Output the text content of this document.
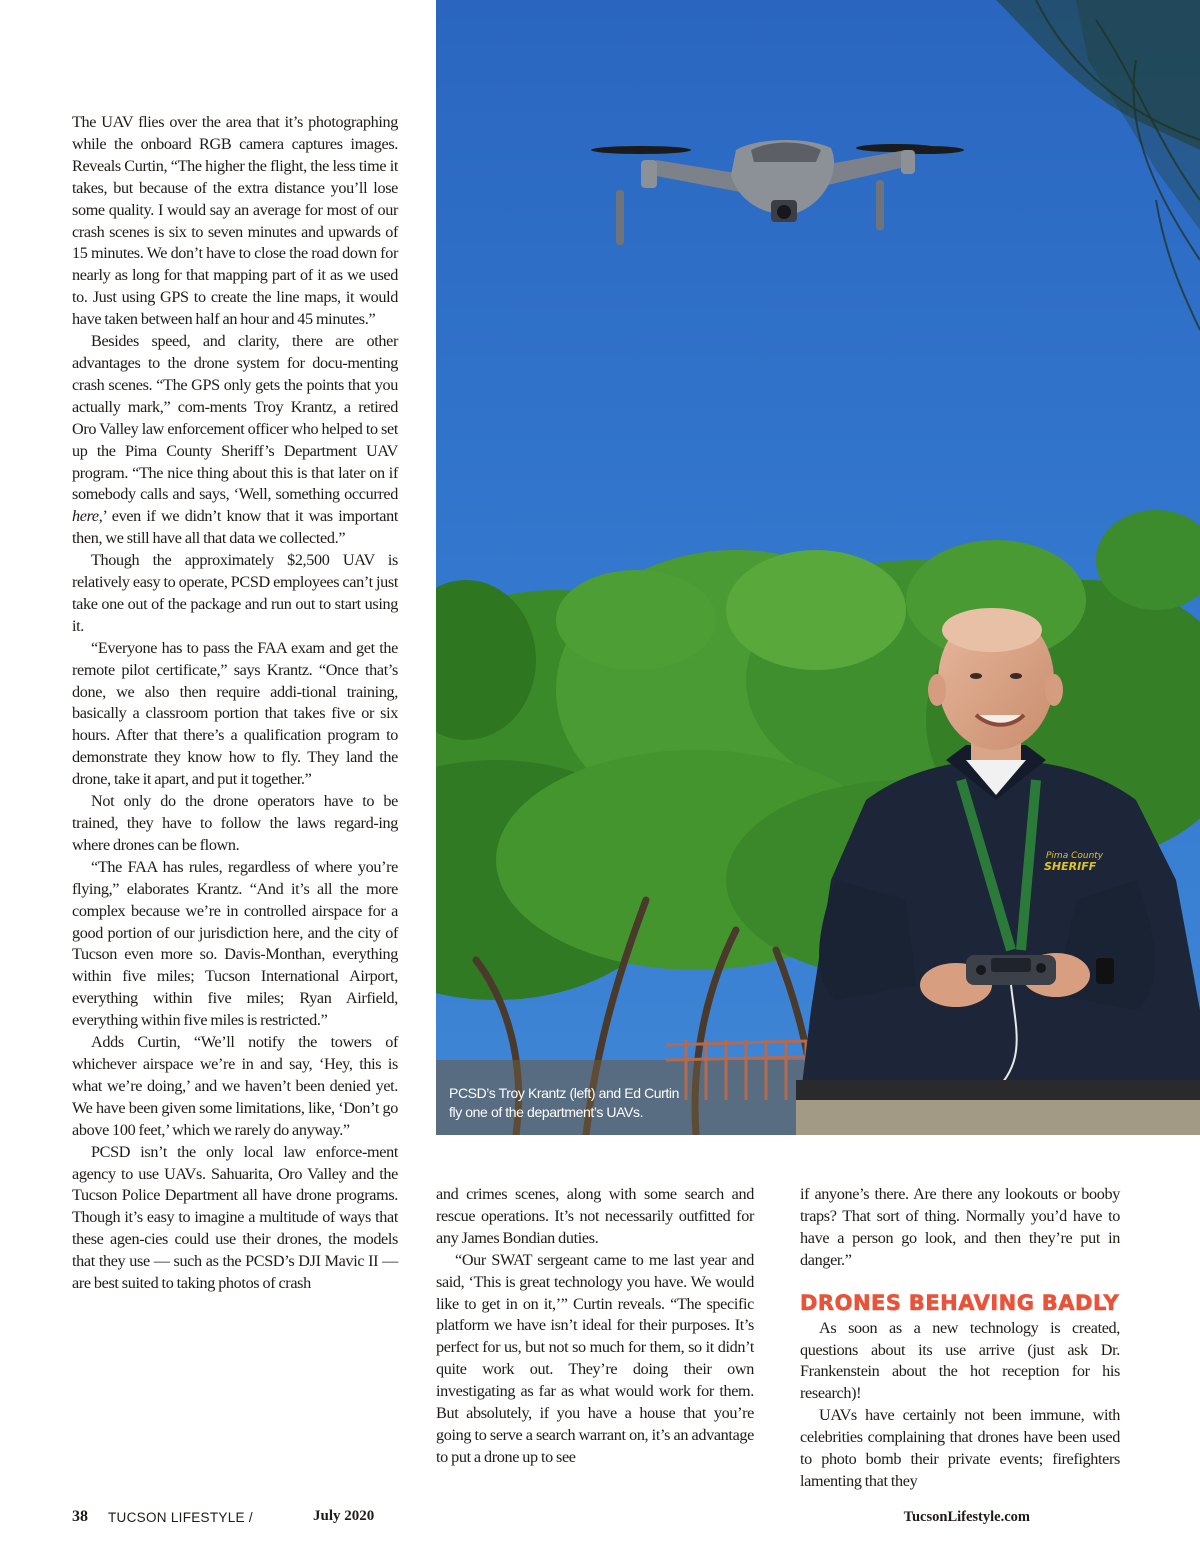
Pima County
SHERIFF
PCSD’s Troy Krantz (left) and Ed Curtin
fly one of the department’s UAVs.

The UAV flies over the area that it’s photographing while the onboard RGB camera captures images. Reveals Curtin, “The higher the flight, the less time it takes, but because of the extra distance you’ll lose some quality. I would say an average for most of our crash scenes is six to seven minutes and upwards of 15 minutes. We don’t have to close the road down for nearly as long for that mapping part of it as we used to. Just using GPS to create the line maps, it would have taken between half an hour and 45 minutes.”

Besides speed, and clarity, there are other advantages to the drone system for docu-menting crash scenes. “The GPS only gets the points that you actually mark,” com-ments Troy Krantz, a retired Oro Valley law enforcement officer who helped to set up the Pima County Sheriff’s Department UAV program. “The nice thing about this is that later on if somebody calls and says, ‘Well, something occurred here,’ even if we didn’t know that it was important then, we still have all that data we collected.”

Though the approximately $2,500 UAV is relatively easy to operate, PCSD employees can’t just take one out of the package and run out to start using it.

“Everyone has to pass the FAA exam and get the remote pilot certificate,” says Krantz. “Once that’s done, we also then require addi-tional training, basically a classroom portion that takes five or six hours. After that there’s a qualification program to demonstrate they know how to fly. They land the drone, take it apart, and put it together.”

Not only do the drone operators have to be trained, they have to follow the laws regard-ing where drones can be flown.

“The FAA has rules, regardless of where you’re flying,” elaborates Krantz. “And it’s all the more complex because we’re in controlled airspace for a good portion of our jurisdiction here, and the city of Tucson even more so. Davis-Monthan, everything within five miles; Tucson International Airport, everything within five miles; Ryan Airfield, everything within five miles is restricted.”

Adds Curtin, “We’ll notify the towers of whichever airspace we’re in and say, ‘Hey, this is what we’re doing,’ and we haven’t been denied yet. We have been given some limitations, like, ‘Don’t go above 100 feet,’ which we rarely do anyway.”

PCSD isn’t the only local law enforce-ment agency to use UAVs. Sahuarita, Oro Valley and the Tucson Police Department all have drone programs. Though it’s easy to imagine a multitude of ways that these agen-cies could use their drones, the models that they use — such as the PCSD’s DJI Mavic II — are best suited to taking photos of crash

and crimes scenes, along with some search and rescue operations. It’s not necessarily outfitted for any James Bondian duties.

“Our SWAT sergeant came to me last year and said, ‘This is great technology you have. We would like to get in on it,’” Curtin reveals. “The specific platform we have isn’t ideal for their purposes. It’s perfect for us, but not so much for them, so it didn’t quite work out. They’re doing their own investigating as far as what would work for them. But absolutely, if you have a house that you’re going to serve a search warrant on, it’s an advantage to put a drone up to see

if anyone’s there. Are there any lookouts or booby traps? That sort of thing. Normally you’d have to have a person go look, and then they’re put in danger.”

DRONES BEHAVING BADLY

As soon as a new technology is created, questions about its use arrive (just ask Dr. Frankenstein about the hot reception for his research)!

UAVs have certainly not been immune, with celebrities complaining that drones have been used to photo bomb their private events; firefighters lamenting that they

38 TUCSON LIFESTYLE /	July 2020	TucsonLifestyle.com
